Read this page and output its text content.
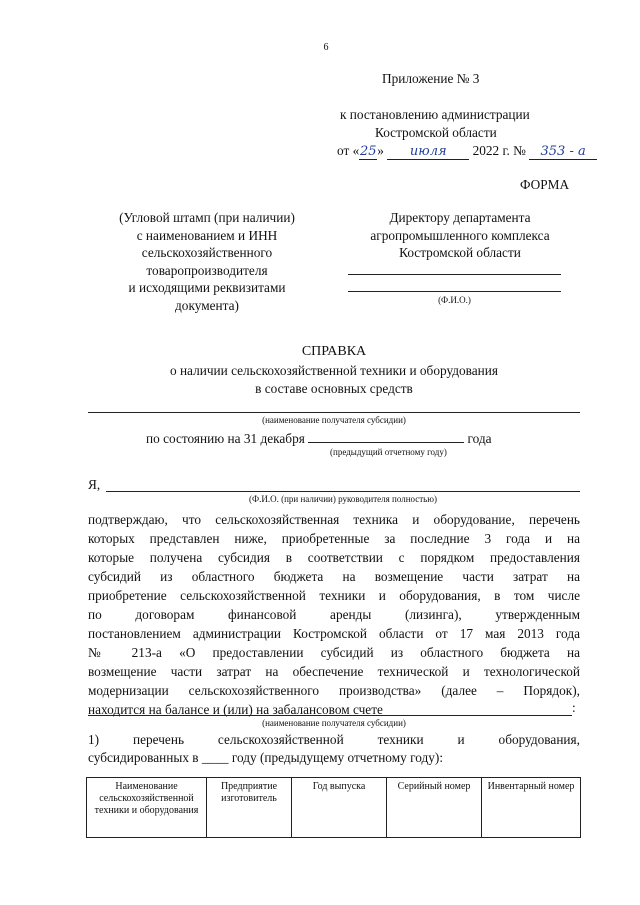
6
Приложение № 3
к постановлению администрации
Костромской области
от «25» июля 2022 г. № 353 - а
ФОРМА
(Угловой штамп (при наличии)
с наименованием и ИНН
сельскохозяйственного
товаропроизводителя
и исходящими реквизитами
документа)
Директору департамента
агропромышленного комплекса
Костромской области
(Ф.И.О.)
СПРАВКА
о наличии сельскохозяйственной техники и оборудования
в составе основных средств
(наименование получателя субсидии)
по состоянию на 31 декабря	года
(предыдущий отчетному году)
Я,
(Ф.И.О. (при наличии) руководителя полностью)
подтверждаю, что сельскохозяйственная техника и оборудование, перечень
которых представлен ниже, приобретенные за последние 3 года и на
которые получена субсидия в соответствии с порядком предоставления
субсидий из областного бюджета на возмещение части затрат на
приобретение сельскохозяйственной техники и оборудования, в том числе
по договорам финансовой аренды (лизинга), утвержденным
постановлением администрации Костромской области от 17 мая 2013 года
№ 213-а «О предоставлении субсидий из областного бюджета на
возмещение части затрат на обеспечение технической и технологической
модернизации сельскохозяйственного производства» (далее – Порядок),
находится на балансе и (или) на забалансовом счете	:
(наименование получателя субсидии)
1) перечень сельскохозяйственной техники и оборудования,
субсидированных в ____ году (предыдущему отчетному году):
Наименование сельскохозяйственной техники и оборудования	Предприятие изготовитель	Год выпуска	Серийный номер	Инвентарный номер
